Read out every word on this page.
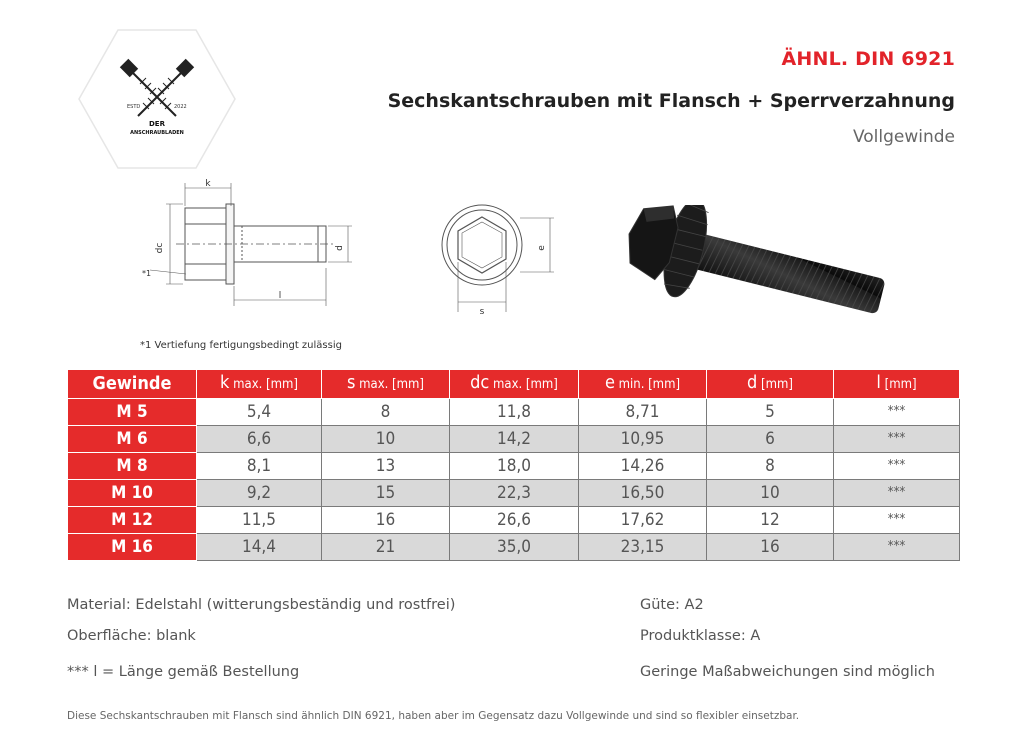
ESTD	2022
DER
ANSCHRAUBLADEN
ÄHNL. DIN 6921
Sechskantschrauben mit Flansch + Sperrverzahnung
Vollgewinde
k
dc	d
l
*1
e
s
*1 Vertiefung fertigungsbedingt zulässig
Gewinde	k max. [mm]	s max. [mm]	dc max. [mm]	e min. [mm]	d [mm]	l [mm]
M 5	5,4	8	11,8	8,71	5	***
M 6	6,6	10	14,2	10,95	6	***
M 8	8,1	13	18,0	14,26	8	***
M 10	9,2	15	22,3	16,50	10	***
M 12	11,5	16	26,6	17,62	12	***
M 16	14,4	21	35,0	23,15	16	***
Material: Edelstahl (witterungsbeständig und rostfrei)
Oberfläche: blank
*** l = Länge gemäß Bestellung
Güte: A2
Produktklasse: A
Geringe Maßabweichungen sind möglich
Diese Sechskantschrauben mit Flansch sind ähnlich DIN 6921, haben aber im Gegensatz dazu Vollgewinde und sind so flexibler einsetzbar.
